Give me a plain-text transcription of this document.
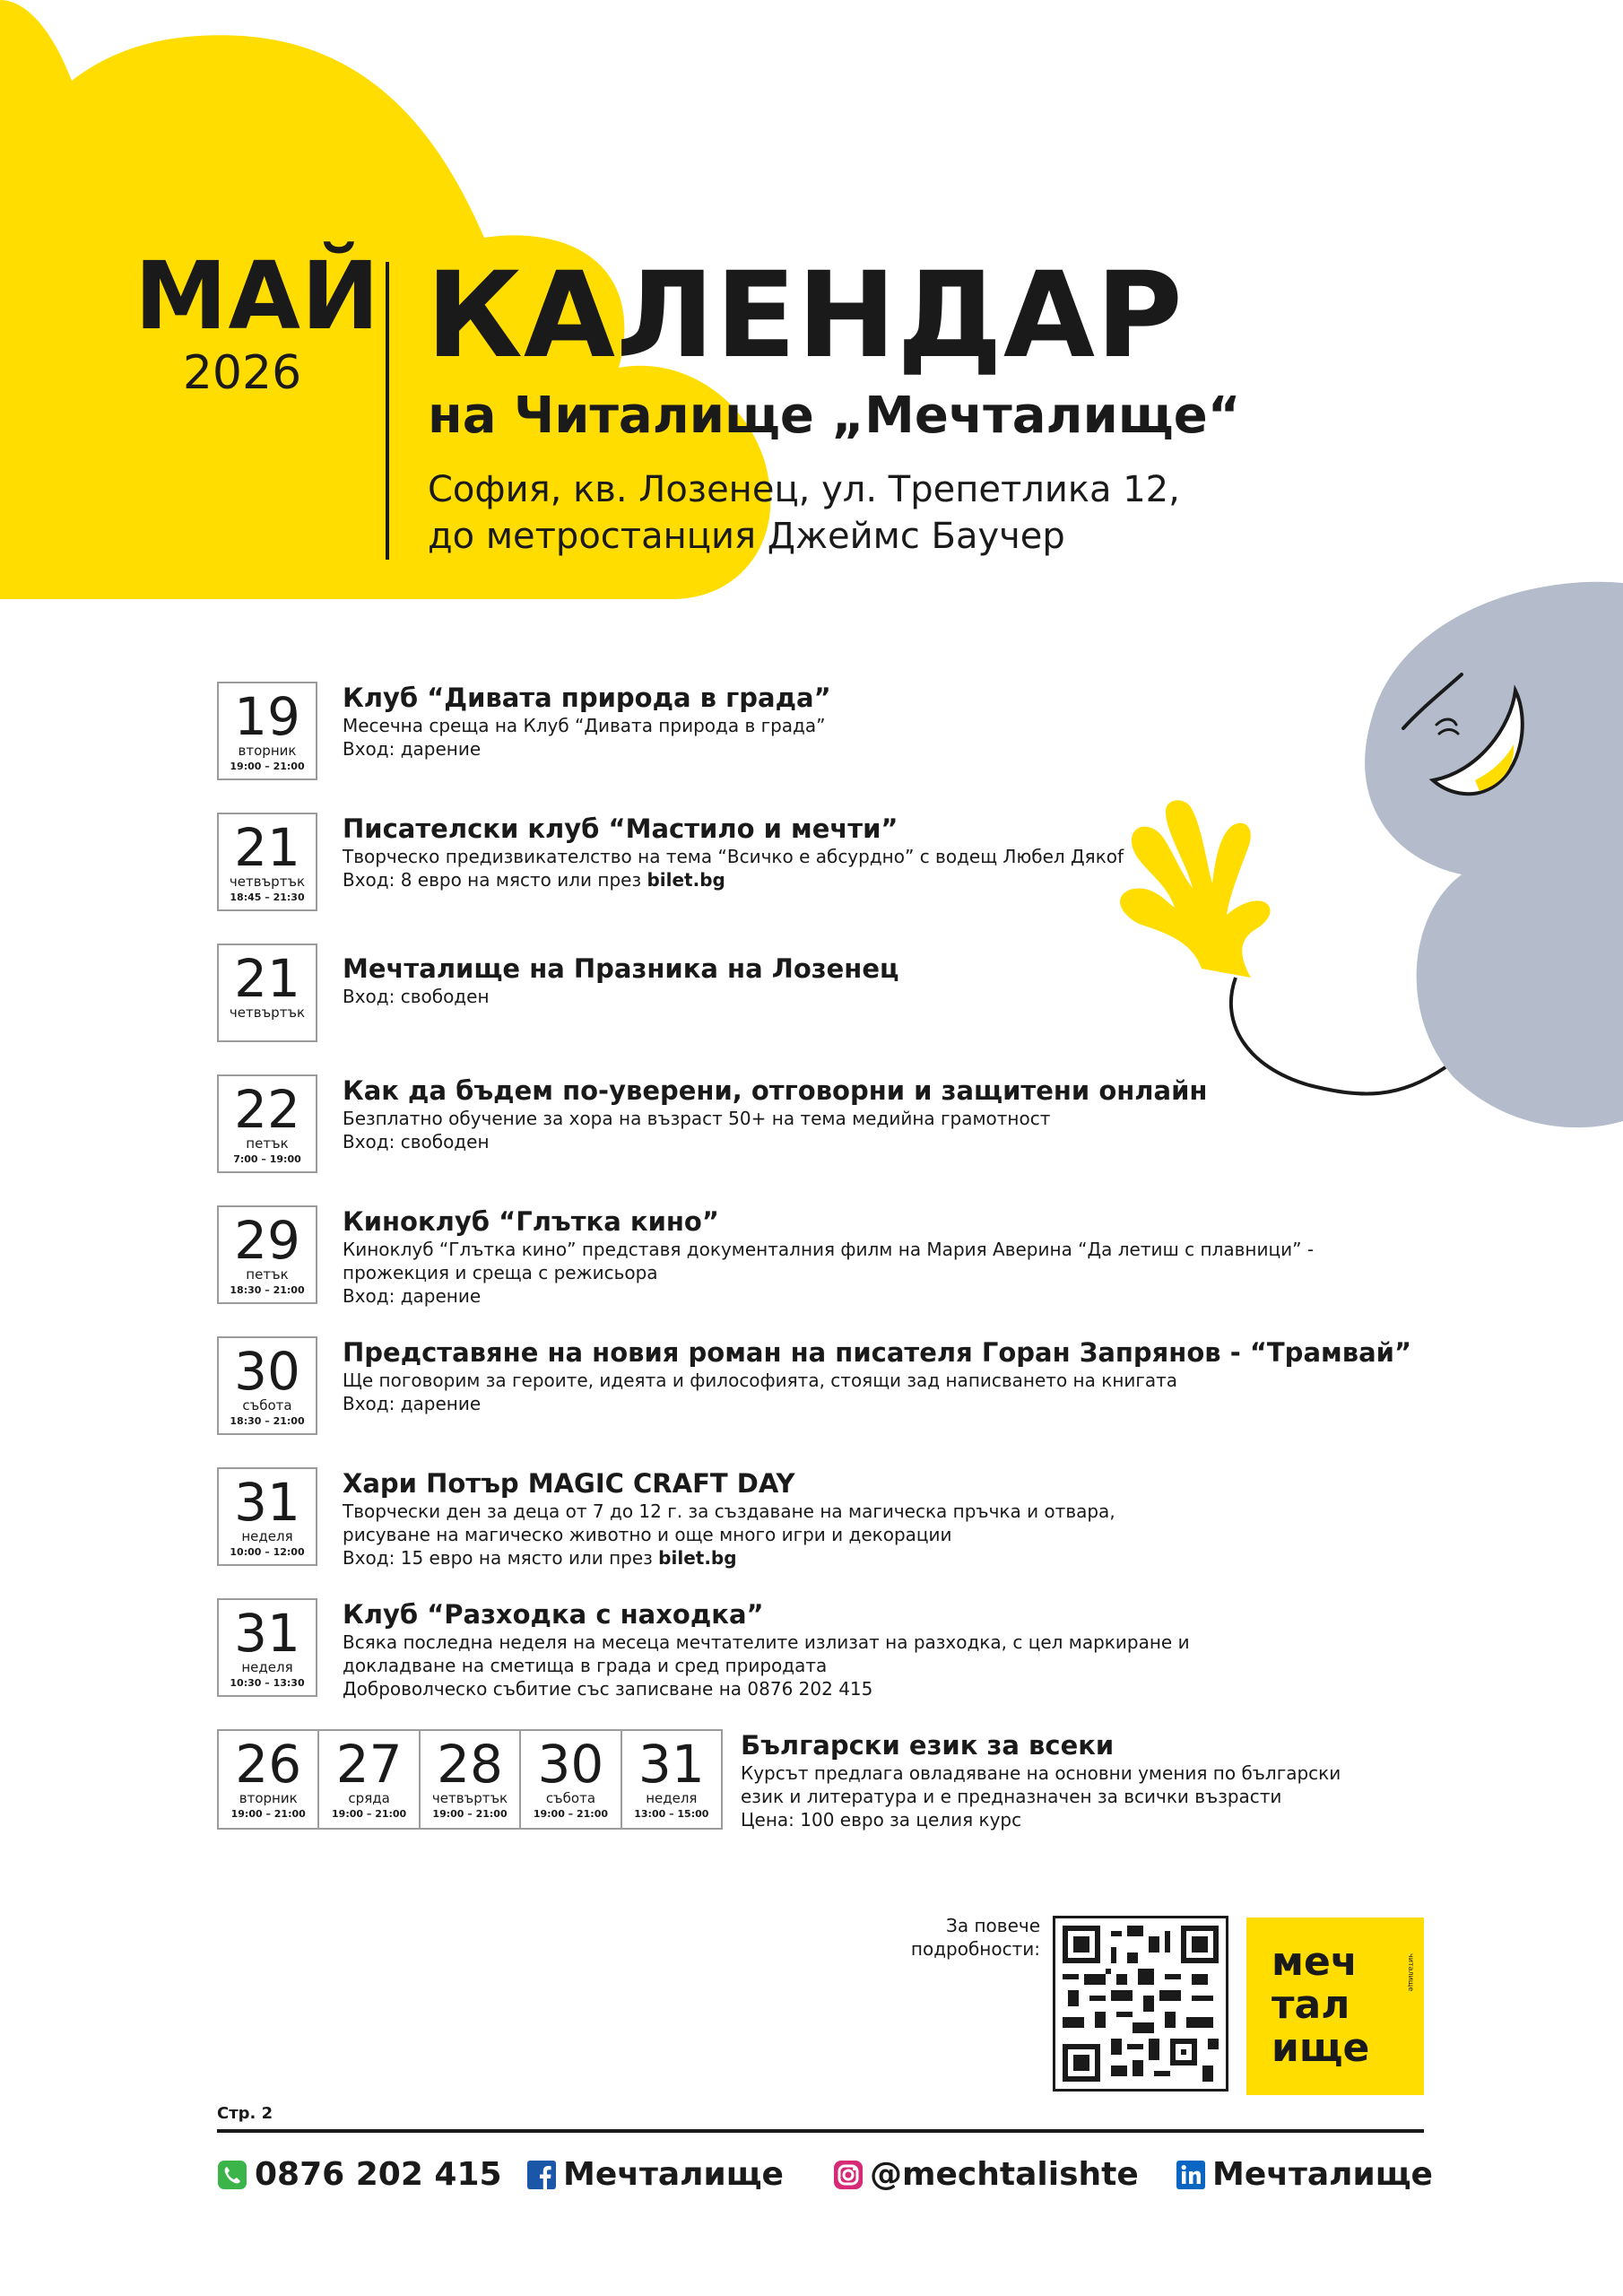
МАЙ
2026	КАЛЕНДАР
на Читалище „Мечталище“
София, кв. Лозенец, ул. Трепетлика 12,
до метростанция Джеймс Баучер
19
вторник
19:00 – 21:00
Клуб “Дивата природа в града”
Месечна среща на Клуб “Дивата природа в града”
Вход: дарение
21
четвъртък
18:45 – 21:30
Писателски клуб “Мастило и мечти”
Творческо предизвикателство на тема “Всичко е абсурдно” с водещ Любел Дякоf
Вход: 8 евро на място или през bilet.bg
21
четвъртък
Мечталище на Празника на Лозенец
Вход: свободен
22
петък
7:00 – 19:00
Как да бъдем по-уверени, отговорни и защитени онлайн
Безплатно обучение за хора на възраст 50+ на тема медийна грамотност
Вход: свободен
29
петък
18:30 – 21:00
Киноклуб “Глътка кино”
Киноклуб “Глътка кино” представя документалния филм на Мария Аверина “Да летиш с плавници” -
прожекция и среща с режисьора
Вход: дарение
30
събота
18:30 – 21:00
Представяне на новия роман на писателя Горан Запрянов - “Трамвай”
Ще поговорим за героите, идеята и философията, стоящи зад написването на книгата
Вход: дарение
31
неделя
10:00 – 12:00
Хари Потър MAGIC CRAFT DAY
Творчески ден за деца от 7 до 12 г. за създаване на магическа пръчка и отвара,
рисуване на магическо животно и още много игри и декорации
Вход: 15 евро на място или през bilet.bg
31
неделя
10:30 – 13:30
Клуб “Разходка с находка”
Всяка последна неделя на месеца мечтателите излизат на разходка, с цел маркиране и
докладване на сметища в града и сред природата
Доброволческо събитие със записване на 0876 202 415
26
вторник
19:00 – 21:00
27
сряда
19:00 – 21:00
28
четвъртък
19:00 – 21:00
30
събота
19:00 – 21:00
31
неделя
13:00 – 15:00
Български език за всеки
Курсът предлага овладяване на основни умения по български
език и литература и е предназначен за всички възрасти
Цена: 100 евро за целия курс
За повече
подробности:	меч
тал
ище
читалище
Стр. 2
0876 202 415 Мечталище	@mechtalishte Мечталище
